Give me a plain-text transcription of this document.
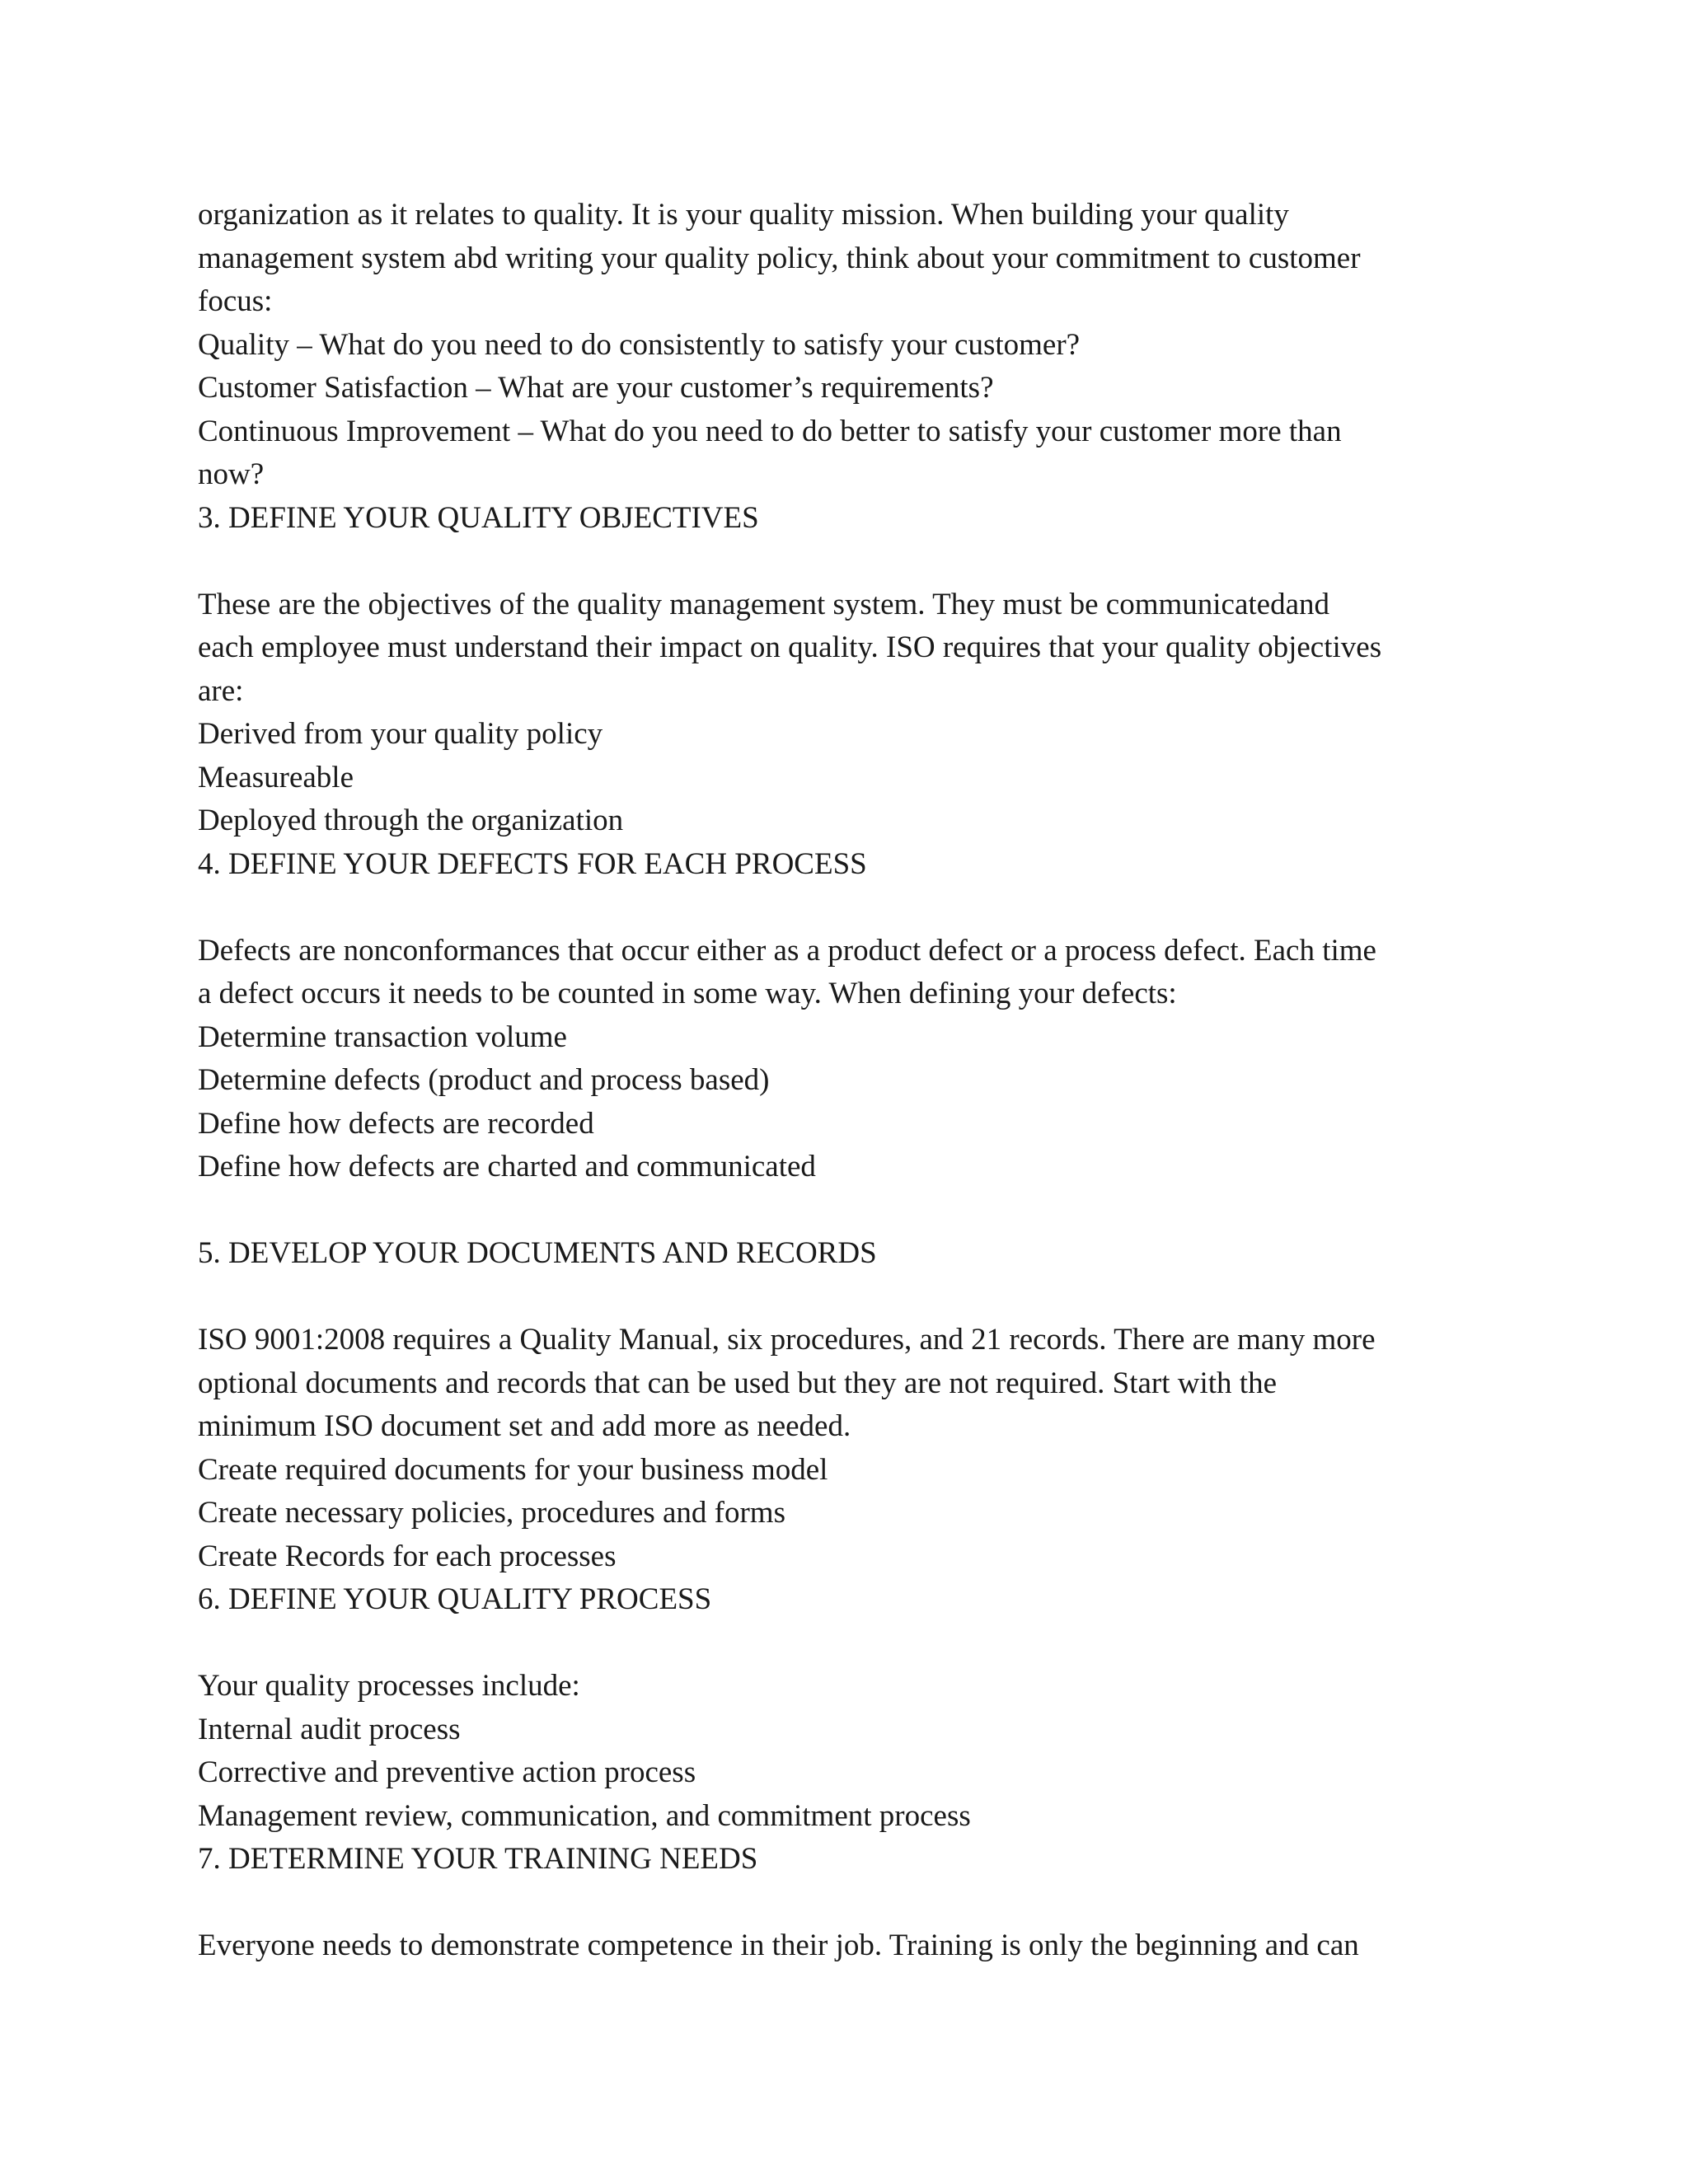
organization as it relates to quality. It is your quality mission. When building your quality
management system abd writing your quality policy, think about your commitment to customer
focus:
Quality – What do you need to do consistently to satisfy your customer?
Customer Satisfaction – What are your customer’s requirements?
Continuous Improvement – What do you need to do better to satisfy your customer more than
now?
3. DEFINE YOUR QUALITY OBJECTIVES
These are the objectives of the quality management system. They must be communicatedand
each employee must understand their impact on quality. ISO requires that your quality objectives
are:
Derived from your quality policy
Measureable
Deployed through the organization
4. DEFINE YOUR DEFECTS FOR EACH PROCESS
Defects are nonconformances that occur either as a product defect or a process defect. Each time
a defect occurs it needs to be counted in some way. When defining your defects:
Determine transaction volume
Determine defects (product and process based)
Define how defects are recorded
Define how defects are charted and communicated
5. DEVELOP YOUR DOCUMENTS AND RECORDS
ISO 9001:2008 requires a Quality Manual, six procedures, and 21 records. There are many more
optional documents and records that can be used but they are not required. Start with the
minimum ISO document set and add more as needed.
Create required documents for your business model
Create necessary policies, procedures and forms
Create Records for each processes
6. DEFINE YOUR QUALITY PROCESS
Your quality processes include:
Internal audit process
Corrective and preventive action process
Management review, communication, and commitment process
7. DETERMINE YOUR TRAINING NEEDS
Everyone needs to demonstrate competence in their job. Training is only the beginning and can
